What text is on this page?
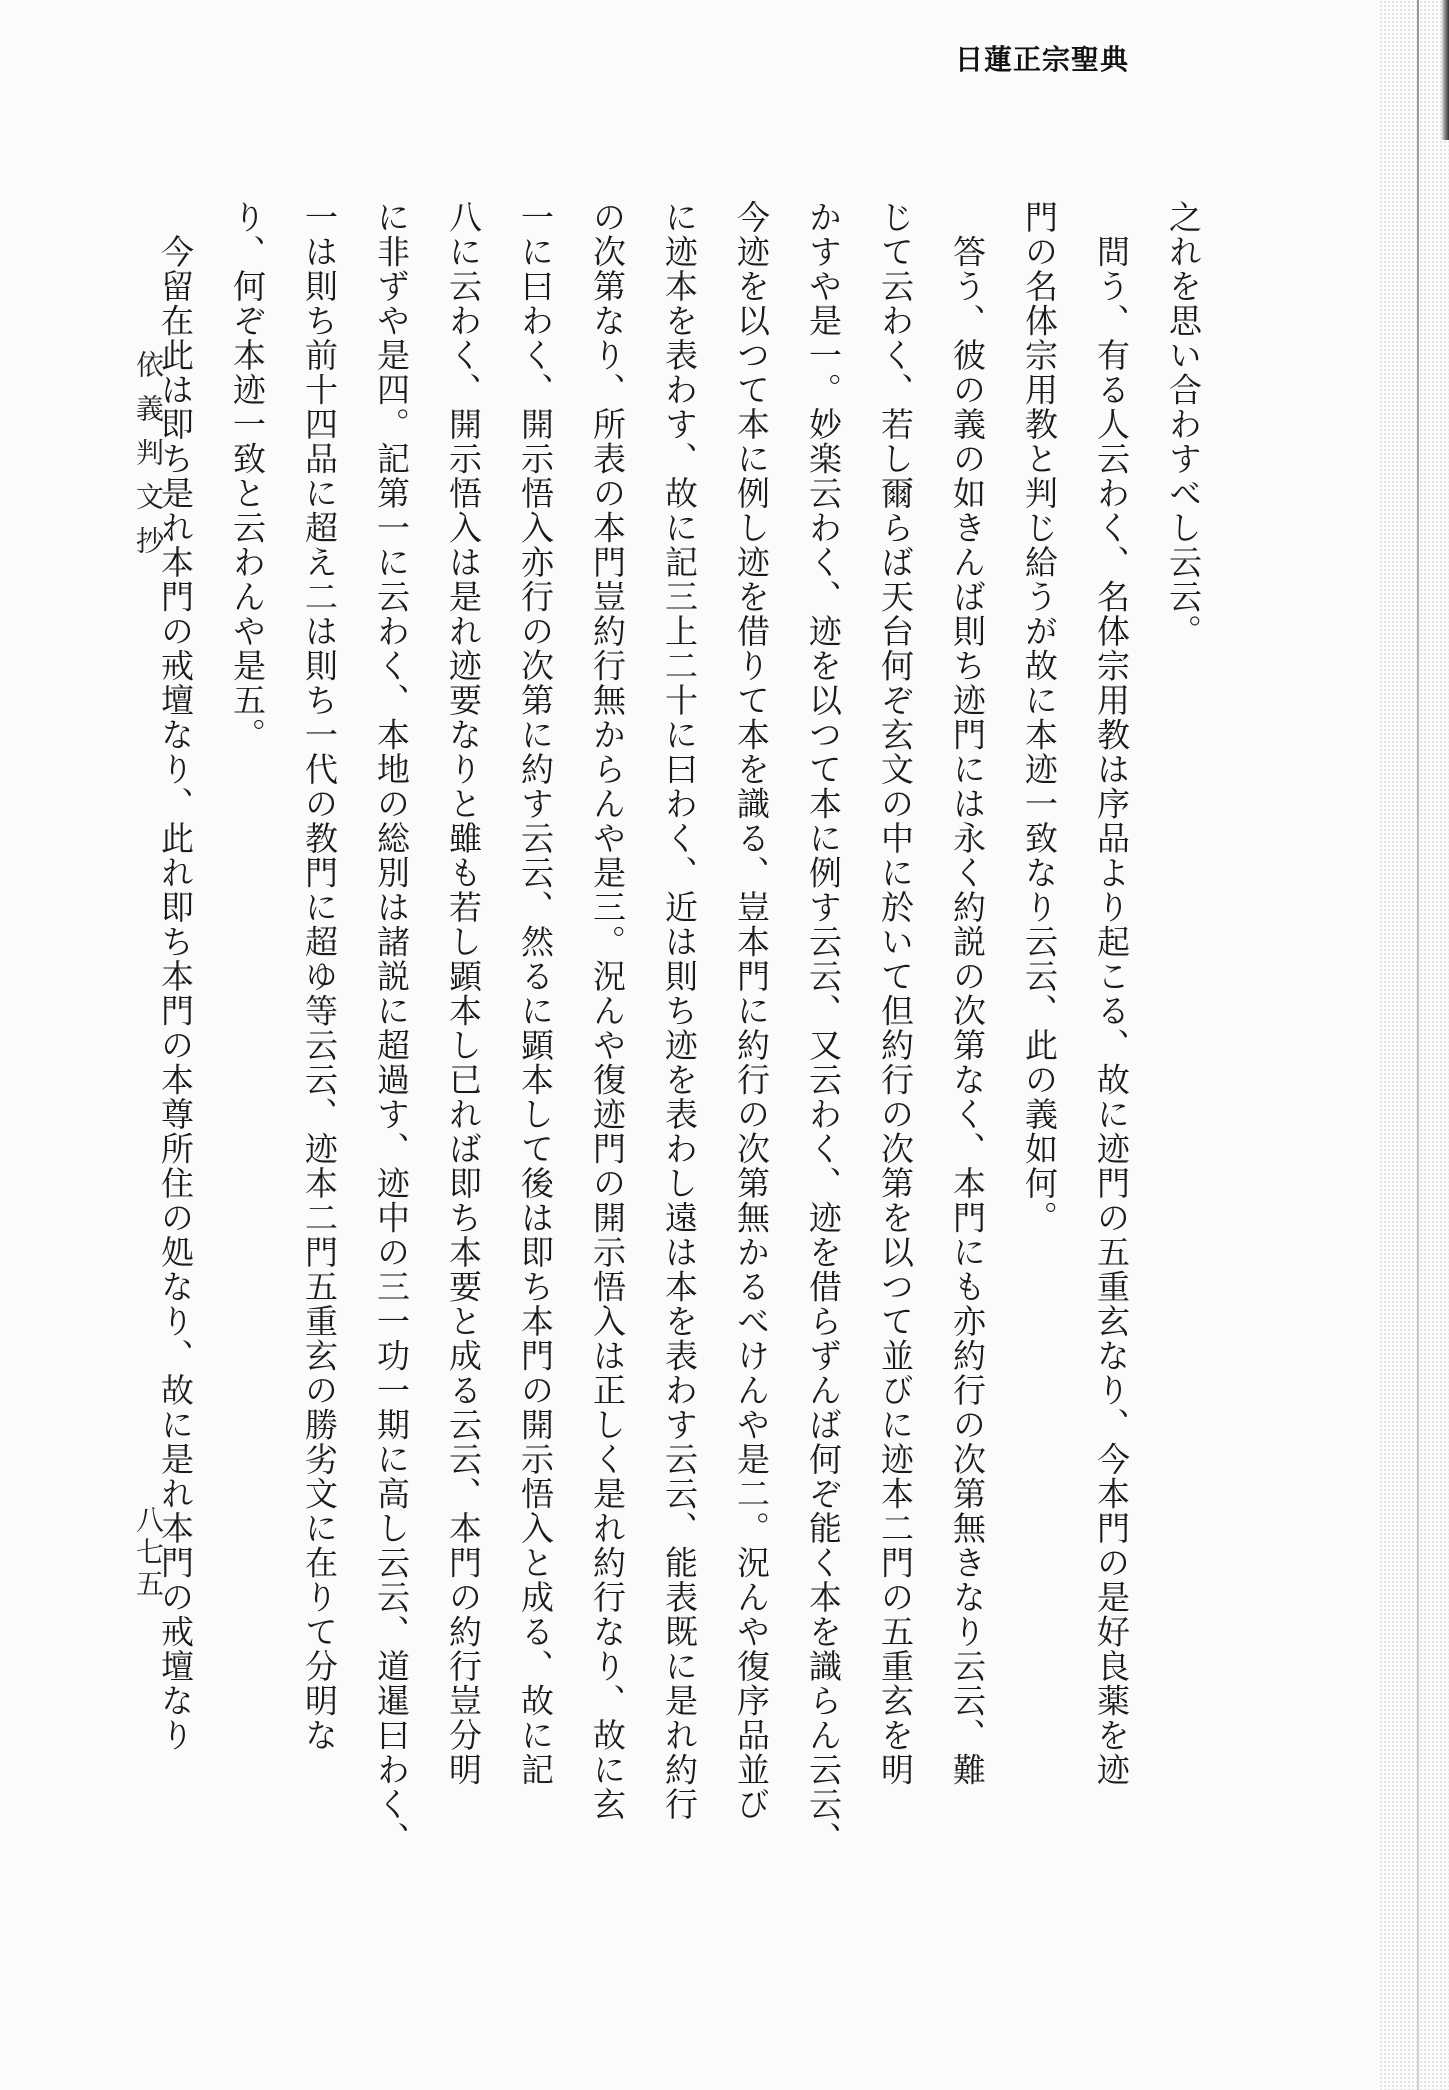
日蓮正宗聖典

之れを思い合わすべし云云。

　問う、有る人云わく、名体宗用教は序品より起こる、故に迹門の五重玄なり、今本門の是好良薬を迹

門の名体宗用教と判じ給うが故に本迹一致なり云云、此の義如何。

　答う、彼の義の如きんば則ち迹門には永く約説の次第なく、本門にも亦約行の次第無きなり云云、難

じて云わく、若し爾らば天台何ぞ玄文の中に於いて但約行の次第を以つて並びに迹本二門の五重玄を明

かすや是一。妙楽云わく、迹を以つて本に例す云云、又云わく、迹を借らずんば何ぞ能く本を識らん云云、

今迹を以つて本に例し迹を借りて本を識る、豈本門に約行の次第無かるべけんや是二。況んや復序品並び

に迹本を表わす、故に記三上二十に曰わく、近は則ち迹を表わし遠は本を表わす云云、能表既に是れ約行

の次第なり、所表の本門豈約行無からんや是三。況んや復迹門の開示悟入は正しく是れ約行なり、故に玄

一に曰わく、開示悟入亦行の次第に約す云云、然るに顕本して後は即ち本門の開示悟入と成る、故に記

八に云わく、開示悟入は是れ迹要なりと雖も若し顕本し已れば即ち本要と成る云云、本門の約行豈分明

に非ずや是四。記第一に云わく、本地の総別は諸説に超過す、迹中の三一功一期に高し云云、道暹曰わく、

一は則ち前十四品に超え二は則ち一代の教門に超ゆ等云云、迹本二門五重玄の勝劣文に在りて分明な

り、何ぞ本迹一致と云わんや是五。

　今留在此は即ち是れ本門の戒壇なり、此れ即ち本門の本尊所住の処なり、故に是れ本門の戒壇なり

依義判文抄
八七五
